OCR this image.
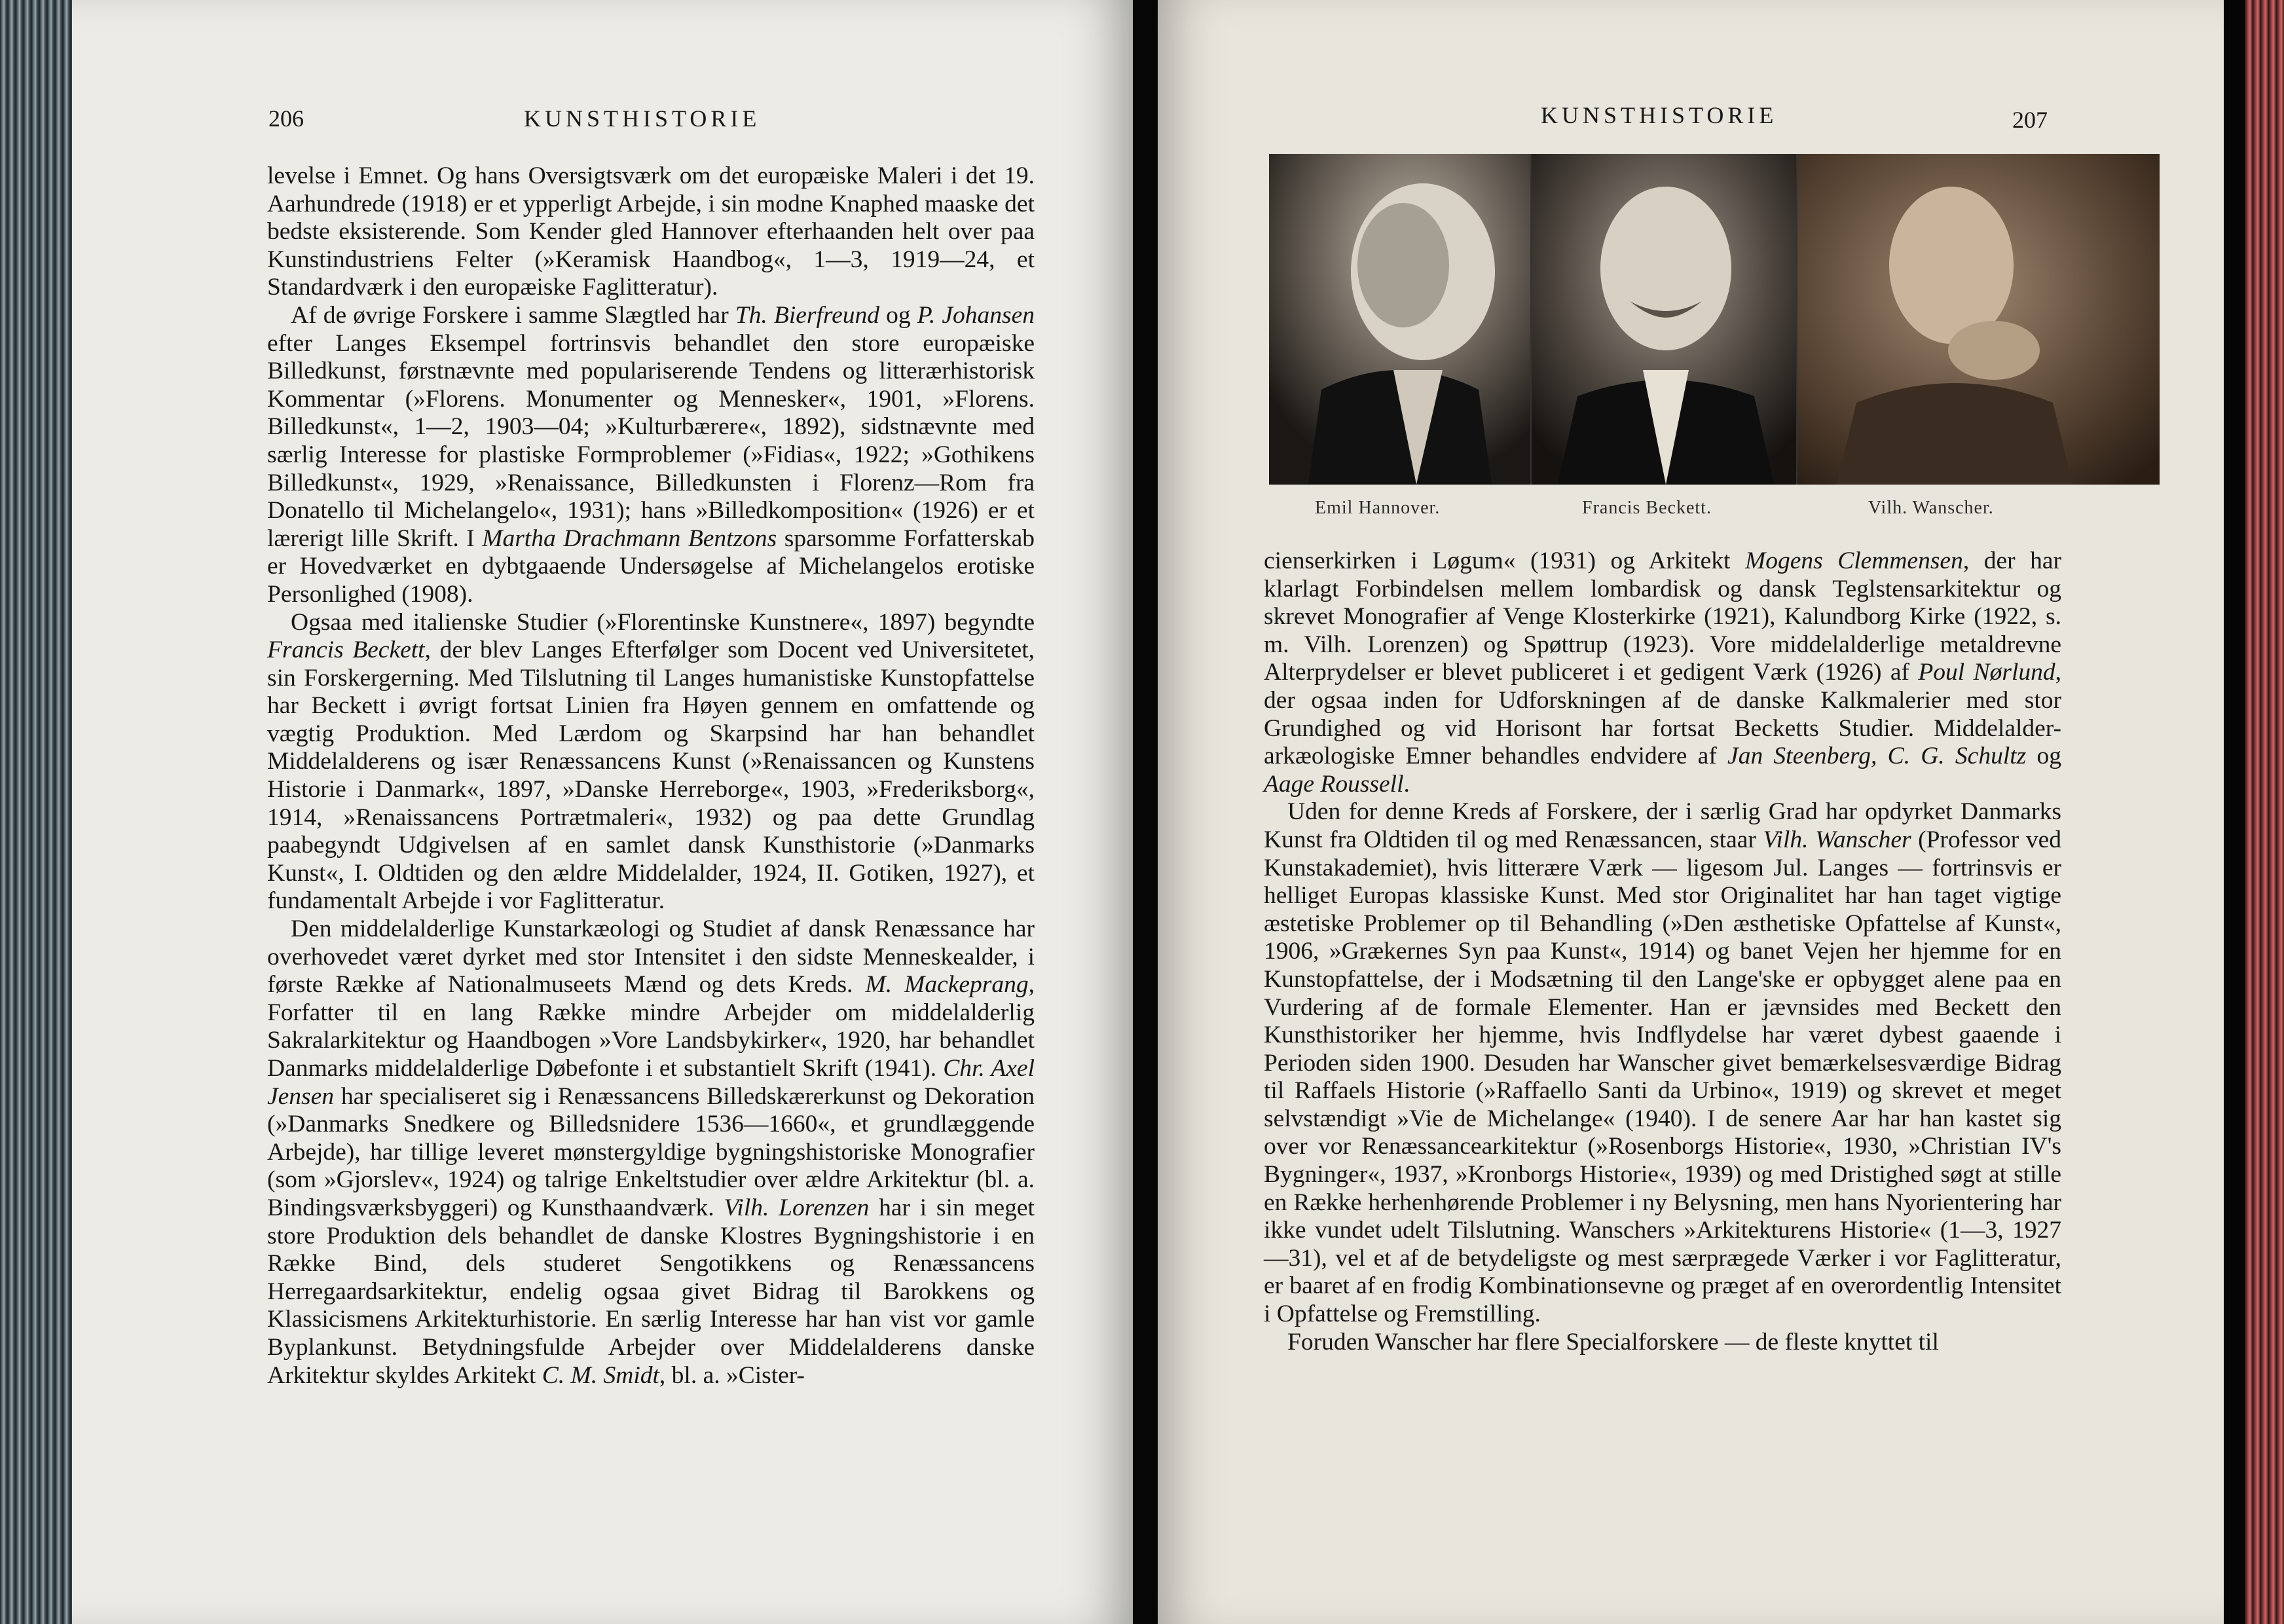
206	KUNSTHISTORIE

levelse i Emnet. Og hans Oversigtsværk om det europæiske Maleri i det 19. Aarhundrede (1918) er et ypperligt Arbejde, i sin modne Knaphed maaske det bedste eksisterende. Som Kender gled Hannover efterhaanden helt over paa Kunstindustriens Felter (»Keramisk Haandbog«, 1—3, 1919—24, et Standardværk i den europæiske Faglitteratur).

Af de øvrige Forskere i samme Slægtled har Th. Bierfreund og P. Johansen efter Langes Eksempel fortrinsvis behandlet den store europæiske Billedkunst, førstnævnte med populariserende Tendens og litterærhistorisk Kommentar (»Florens. Monumenter og Mennesker«, 1901, »Florens. Billedkunst«, 1—2, 1903—04; »Kulturbærere«, 1892), sidstnævnte med særlig Interesse for plastiske Formproblemer (»Fidias«, 1922; »Gothikens Billedkunst«, 1929, »Renaissance, Billedkunsten i Florenz—Rom fra Donatello til Michelangelo«, 1931); hans »Billedkomposition« (1926) er et lærerigt lille Skrift. I Martha Drachmann Bentzons sparsomme Forfatterskab er Hovedværket en dybtgaaende Undersøgelse af Michelangelos erotiske Personlighed (1908).

Ogsaa med italienske Studier (»Florentinske Kunstnere«, 1897) begyndte Francis Beckett, der blev Langes Efterfølger som Docent ved Universitetet, sin Forskergerning. Med Tilslutning til Langes humanistiske Kunstopfattelse har Beckett i øvrigt fortsat Linien fra Høyen gennem en omfattende og vægtig Produktion. Med Lærdom og Skarpsind har han behandlet Middelalderens og især Renæssancens Kunst (»Renaissancen og Kunstens Historie i Danmark«, 1897, »Danske Herreborge«, 1903, »Frederiksborg«, 1914, »Renaissancens Portrætmaleri«, 1932) og paa dette Grundlag paabegyndt Udgivelsen af en samlet dansk Kunsthistorie (»Danmarks Kunst«, I. Oldtiden og den ældre Middelalder, 1924, II. Gotiken, 1927), et fundamentalt Arbejde i vor Faglitteratur.

Den middelalderlige Kunstarkæologi og Studiet af dansk Renæssance har overhovedet været dyrket med stor Intensitet i den sidste Menneskealder, i første Række af Nationalmuseets Mænd og dets Kreds. M. Mackeprang, Forfatter til en lang Række mindre Arbejder om middelalderlig Sakralarkitektur og Haandbogen »Vore Landsbykirker«, 1920, har behandlet Danmarks middelalderlige Døbefonte i et substantielt Skrift (1941). Chr. Axel Jensen har specialiseret sig i Renæssancens Billedskærerkunst og Dekoration (»Danmarks Snedkere og Billedsnidere 1536—1660«, et grundlæggende Arbejde), har tillige leveret mønstergyldige bygningshistoriske Monografier (som »Gjorslev«, 1924) og talrige Enkeltstudier over ældre Arkitektur (bl. a. Bindingsværksbyggeri) og Kunsthaandværk. Vilh. Lorenzen har i sin meget store Produktion dels behandlet de danske Klostres Bygningshistorie i en Række Bind, dels studeret Sengotikkens og Renæssancens Herregaardsarkitektur, endelig ogsaa givet Bidrag til Barokkens og Klassicismens Arkitekturhistorie. En særlig Interesse har han vist vor gamle Byplankunst. Betydningsfulde Arbejder over Middelalderens danske Arkitektur skyldes Arkitekt C. M. Smidt, bl. a. »Cister-

KUNSTHISTORIE	207
Emil Hannover.	Francis Beckett.	Vilh. Wanscher.

cienserkirken i Løgum« (1931) og Arkitekt Mogens Clemmensen, der har klarlagt Forbindelsen mellem lombardisk og dansk Teglstensarkitektur og skrevet Monografier af Venge Klosterkirke (1921), Kalundborg Kirke (1922, s. m. Vilh. Lorenzen) og Spøttrup (1923). Vore middelalderlige metaldrevne Alterprydelser er blevet publiceret i et gedigent Værk (1926) af Poul Nørlund, der ogsaa inden for Udforskningen af de danske Kalkmalerier med stor Grundighed og vid Horisont har fortsat Becketts Studier. Middelalder-arkæologiske Emner behandles endvidere af Jan Steenberg, C. G. Schultz og Aage Roussell.

Uden for denne Kreds af Forskere, der i særlig Grad har opdyrket Danmarks Kunst fra Oldtiden til og med Renæssancen, staar Vilh. Wanscher (Professor ved Kunstakademiet), hvis litterære Værk — ligesom Jul. Langes — fortrinsvis er helliget Europas klassiske Kunst. Med stor Originalitet har han taget vigtige æstetiske Problemer op til Behandling (»Den æsthetiske Opfattelse af Kunst«, 1906, »Grækernes Syn paa Kunst«, 1914) og banet Vejen her hjemme for en Kunstopfattelse, der i Modsætning til den Lange'ske er opbygget alene paa en Vurdering af de formale Elementer. Han er jævnsides med Beckett den Kunsthistoriker her hjemme, hvis Indflydelse har været dybest gaaende i Perioden siden 1900. Desuden har Wanscher givet bemærkelsesværdige Bidrag til Raffaels Historie (»Raffaello Santi da Urbino«, 1919) og skrevet et meget selvstændigt »Vie de Michelange« (1940). I de senere Aar har han kastet sig over vor Renæssancearkitektur (»Rosenborgs Historie«, 1930, »Christian IV's Bygninger«, 1937, »Kronborgs Historie«, 1939) og med Dristighed søgt at stille en Række herhenhørende Problemer i ny Belysning, men hans Nyorientering har ikke vundet udelt Tilslutning. Wanschers »Arkitekturens Historie« (1—3, 1927—31), vel et af de betydeligste og mest særprægede Værker i vor Faglitteratur, er baaret af en frodig Kombinationsevne og præget af en overordentlig Intensitet i Opfattelse og Fremstilling.

Foruden Wanscher har flere Specialforskere — de fleste knyttet til
